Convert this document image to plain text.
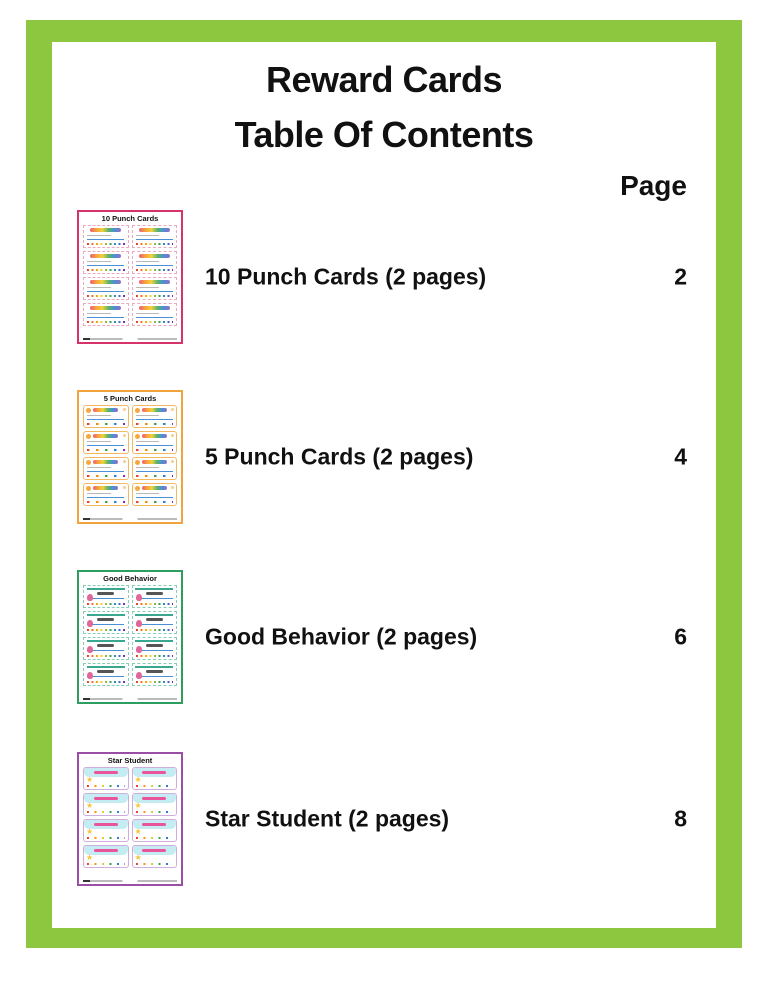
Reward Cards
Table Of Contents
Page
10 Punch Cards
10 Punch Cards (2 pages)	2
5 Punch Cards
5 Punch Cards (2 pages)	4
Good Behavior
Good Behavior (2 pages)	6
Star Student
★
★
★
★
★
★
★
★
Star Student (2 pages)	8
